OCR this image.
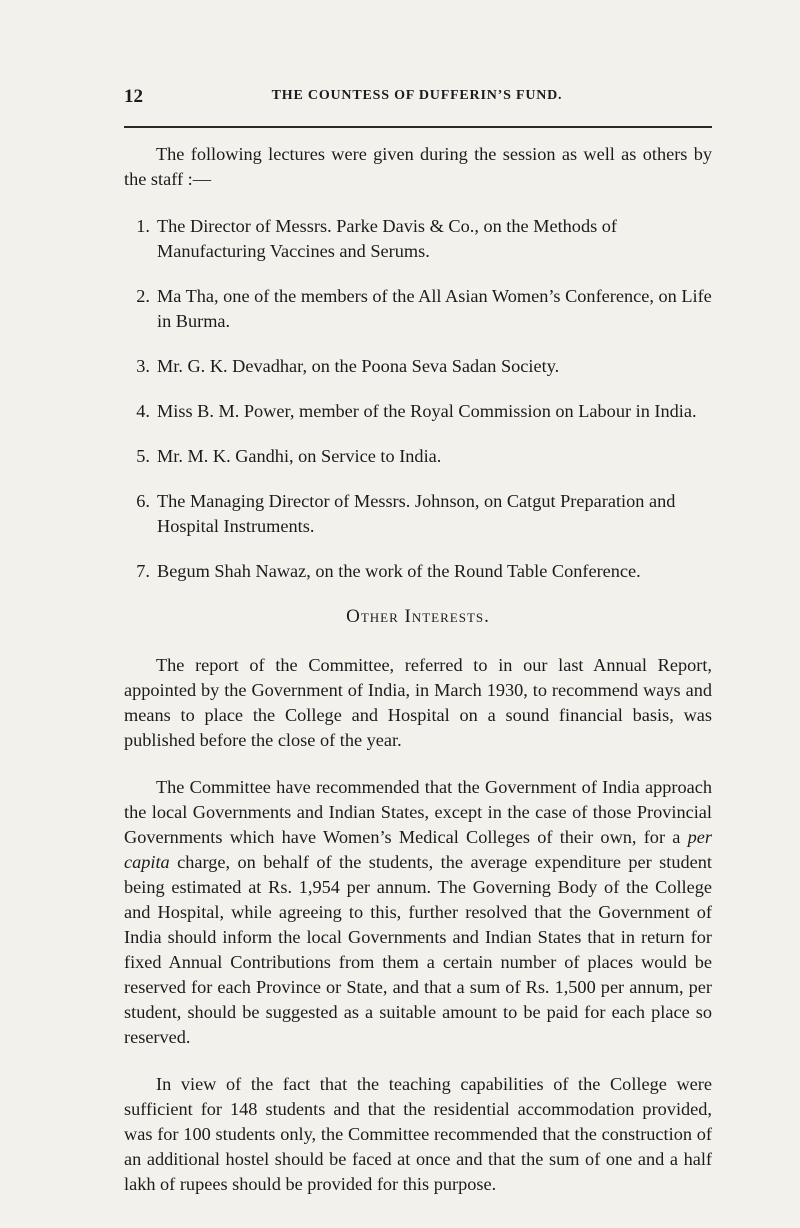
12	THE COUNTESS OF DUFFERIN’S FUND.

The following lectures were given during the session as well as others by the staff :—

1. The Director of Messrs. Parke Davis & Co., on the Methods of Manufacturing Vaccines and Serums.
2. Ma Tha, one of the members of the All Asian Women’s Conference, on Life in Burma.
3. Mr. G. K. Devadhar, on the Poona Seva Sadan Society.
4. Miss B. M. Power, member of the Royal Commission on Labour in India.
5. Mr. M. K. Gandhi, on Service to India.
6. The Managing Director of Messrs. Johnson, on Catgut Preparation and Hospital Instruments.
7. Begum Shah Nawaz, on the work of the Round Table Conference.
Other Interests.

The report of the Committee, referred to in our last Annual Report, appointed by the Government of India, in March 1930, to recommend ways and means to place the College and Hospital on a sound financial basis, was published before the close of the year.

The Committee have recommended that the Government of India approach the local Governments and Indian States, except in the case of those Provincial Governments which have Women’s Medical Colleges of their own, for a per capita charge, on behalf of the students, the average expenditure per student being estimated at Rs. 1,954 per annum. The Governing Body of the College and Hospital, while agreeing to this, further resolved that the Government of India should inform the local Governments and Indian States that in return for fixed Annual Contributions from them a certain number of places would be reserved for each Province or State, and that a sum of Rs. 1,500 per annum, per student, should be suggested as a suitable amount to be paid for each place so reserved.

In view of the fact that the teaching capabilities of the College were sufficient for 148 students and that the residential accommodation provided, was for 100 students only, the Committee recommended that the construction of an additional hostel should be faced at once and that the sum of one and a half lakh of rupees should be provided for this purpose.
